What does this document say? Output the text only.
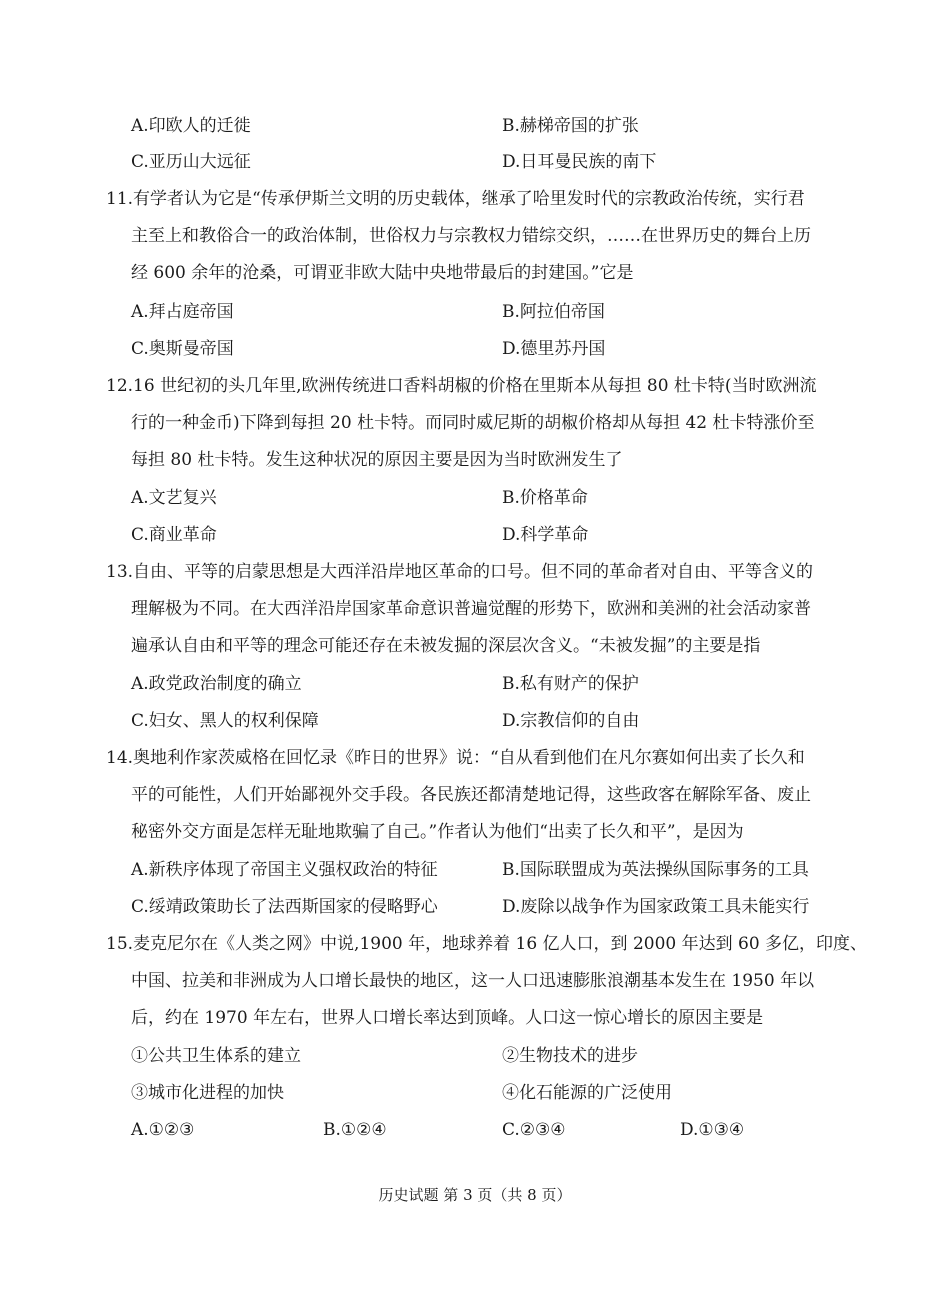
A.印欧人的迁徙	B.赫梯帝国的扩张
C.亚历山大远征	D.日耳曼民族的南下
11.有学者认为它是“传承伊斯兰文明的历史载体，继承了哈里发时代的宗教政治传统，实行君
主至上和教俗合一的政治体制，世俗权力与宗教权力错综交织，……在世界历史的舞台上历
经 600 余年的沧桑，可谓亚非欧大陆中央地带最后的封建国。”它是
A.拜占庭帝国	B.阿拉伯帝国
C.奥斯曼帝国	D.德里苏丹国
12.16 世纪初的头几年里,欧洲传统进口香料胡椒的价格在里斯本从每担 80 杜卡特(当时欧洲流
行的一种金币)下降到每担 20 杜卡特。而同时威尼斯的胡椒价格却从每担 42 杜卡特涨价至
每担 80 杜卡特。发生这种状况的原因主要是因为当时欧洲发生了
A.文艺复兴	B.价格革命
C.商业革命	D.科学革命
13.自由、平等的启蒙思想是大西洋沿岸地区革命的口号。但不同的革命者对自由、平等含义的
理解极为不同。在大西洋沿岸国家革命意识普遍觉醒的形势下，欧洲和美洲的社会活动家普
遍承认自由和平等的理念可能还存在未被发掘的深层次含义。“未被发掘”的主要是指
A.政党政治制度的确立	B.私有财产的保护
C.妇女、黑人的权利保障	D.宗教信仰的自由
14.奥地利作家茨威格在回忆录《昨日的世界》说：“自从看到他们在凡尔赛如何出卖了长久和
平的可能性，人们开始鄙视外交手段。各民族还都清楚地记得，这些政客在解除军备、废止
秘密外交方面是怎样无耻地欺骗了自己。”作者认为他们“出卖了长久和平”，是因为
A.新秩序体现了帝国主义强权政治的特征	B.国际联盟成为英法操纵国际事务的工具
C.绥靖政策助长了法西斯国家的侵略野心	D.废除以战争作为国家政策工具未能实行
15.麦克尼尔在《人类之网》中说,1900 年，地球养着 16 亿人口，到 2000 年达到 60 多亿，印度、
中国、拉美和非洲成为人口增长最快的地区，这一人口迅速膨胀浪潮基本发生在 1950 年以
后，约在 1970 年左右，世界人口增长率达到顶峰。人口这一惊心增长的原因主要是
①公共卫生体系的建立	②生物技术的进步
③城市化进程的加快	④化石能源的广泛使用
A.①②③	B.①②④	C.②③④	D.①③④
历史试题 第 3 页（共 8 页）
